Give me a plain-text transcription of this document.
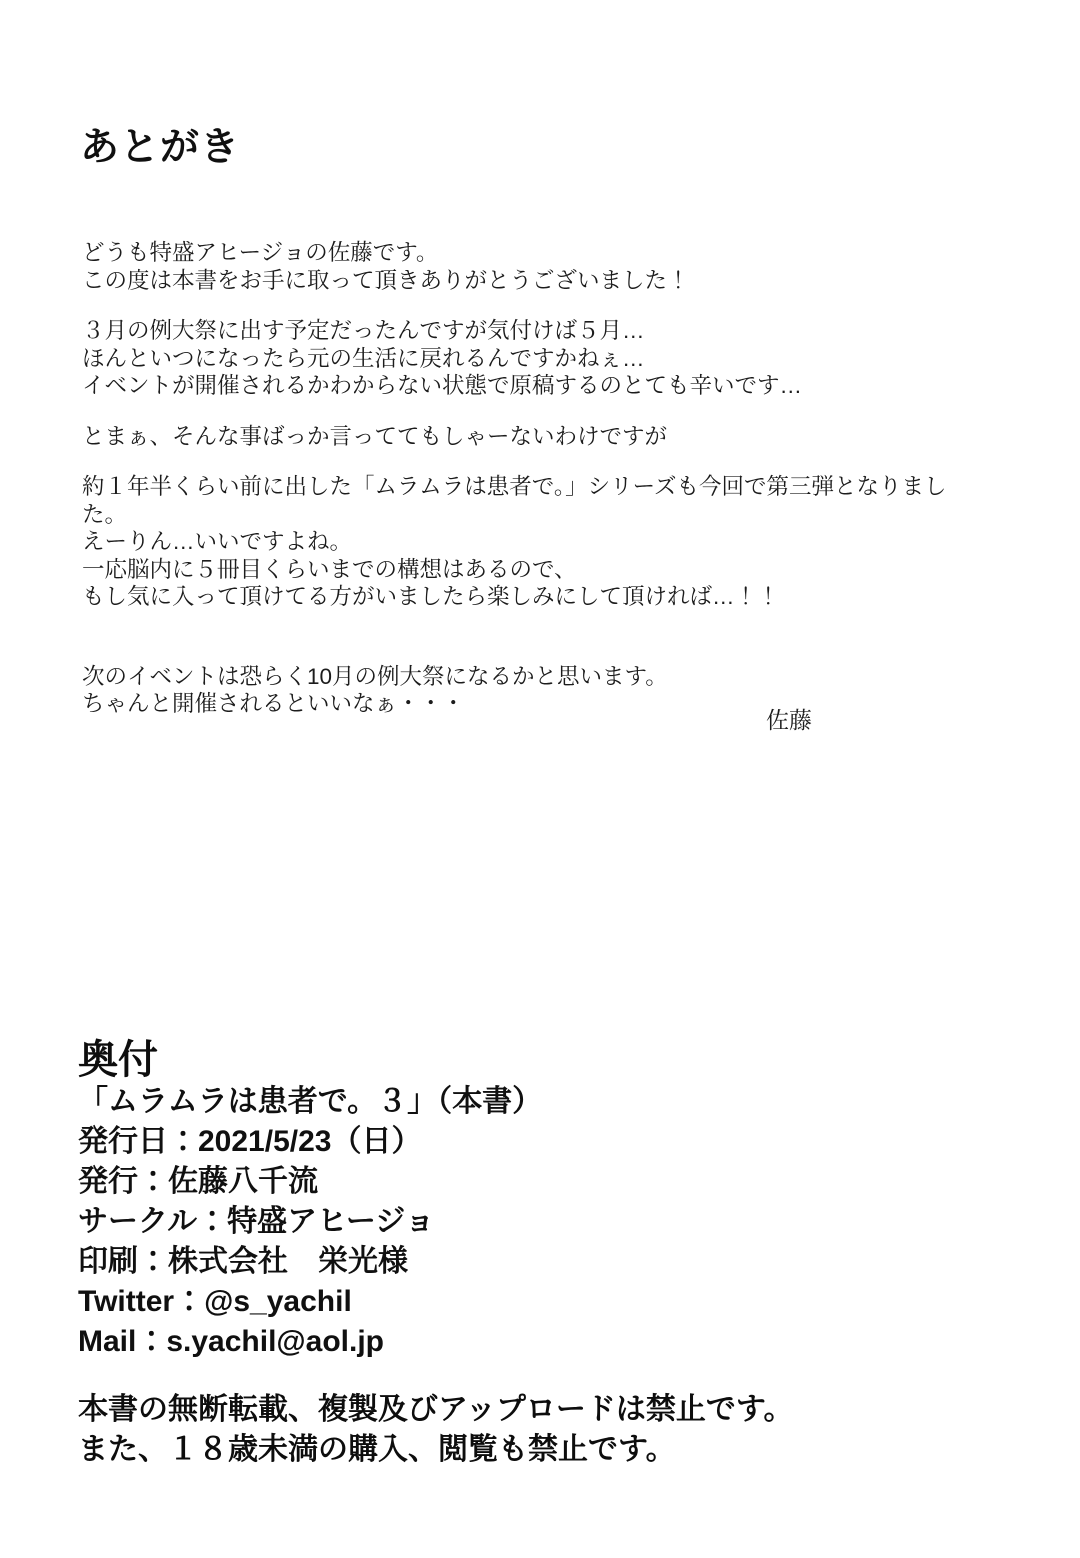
あとがき
どうも特盛アヒージョの佐藤です。
この度は本書をお手に取って頂きありがとうございました！
３月の例大祭に出す予定だったんですが気付けば５月…
ほんといつになったら元の生活に戻れるんですかねぇ…
イベントが開催されるかわからない状態で原稿するのとても辛いです…
とまぁ、そんな事ばっか言っててもしゃーないわけですが
約１年半くらい前に出した「ムラムラは患者で。」シリーズも今回で第三弾となりました。
えーりん…いいですよね。
一応脳内に５冊目くらいまでの構想はあるので、
もし気に入って頂けてる方がいましたら楽しみにして頂ければ…！！
次のイベントは恐らく10月の例大祭になるかと思います。
ちゃんと開催されるといいなぁ・・・
佐藤
奥付
「ムラムラは患者で。３」（本書）
発行日：2021/5/23（日）
発行：佐藤八千流
サークル：特盛アヒージョ
印刷：株式会社　栄光様
Twitter：@s_yachil
Mail：s.yachil@aol.jp
本書の無断転載、複製及びアップロードは禁止です。
また、１８歳未満の購入、閲覧も禁止です。
